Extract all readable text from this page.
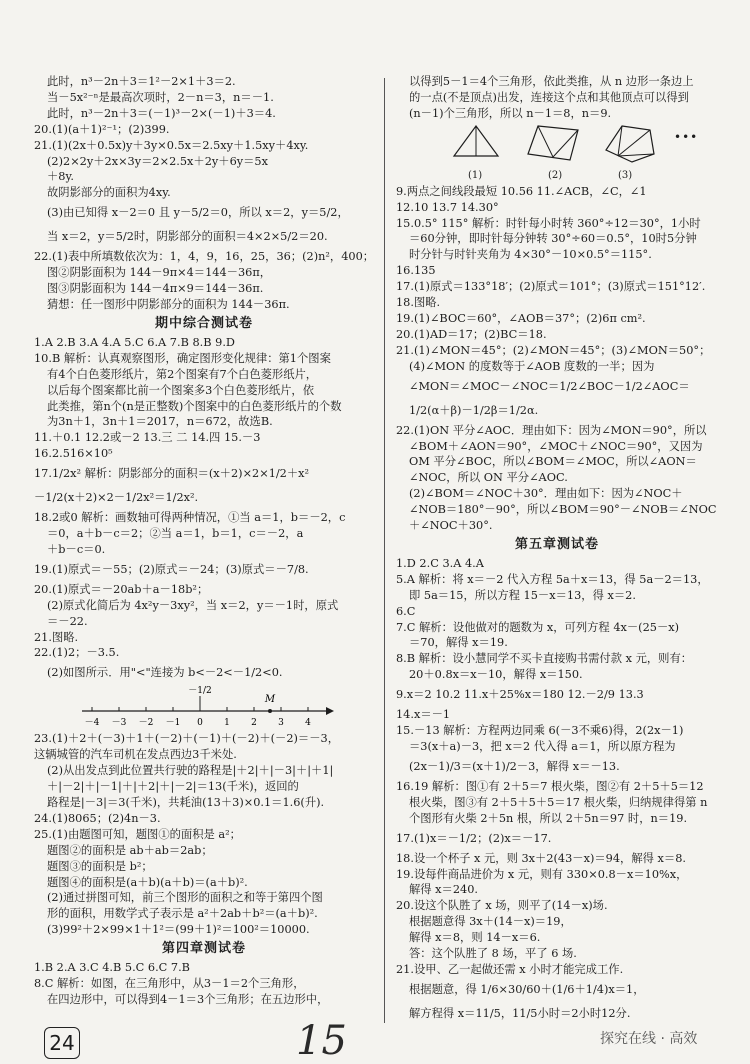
此时，n³－2n＋3＝1²－2×1＋3＝2.
当－5x²⁻ⁿ是最高次项时，2－n＝3，n＝－1.
此时，n³－2n＋3＝(－1)³－2×(－1)＋3＝4.
20.(1)(a＋1)²⁻¹；(2)399.
21.(1)(2x＋0.5x)y＋3y×0.5x＝2.5xy＋1.5xy＋4xy.
(2)2×2y＋2x×3y＝2×2.5x＋2y＋6y＝5x
＋8y.
故阴影部分的面积为4xy.
(3)由已知得 x－2＝0 且 y－5/2＝0，所以 x＝2，y＝5/2，
当 x＝2，y＝5/2时，阴影部分的面积＝4×2×5/2＝20.
22.(1)表中所填数依次为：1，4，9，16，25，36；(2)n²，400；
图②阴影面积为 144－9π×4＝144－36π，
图③阴影面积为 144－4π×9＝144－36π.
猜想：任一图形中阴影部分的面积为 144－36π.
期中综合测试卷
1.A 2.B 3.A 4.A 5.C 6.A 7.B 8.B 9.D
10.B 解析：认真观察图形，确定图形变化规律：第1个图案
有4个白色菱形纸片，第2个图案有7个白色菱形纸片，
以后每个图案都比前一个图案多3个白色菱形纸片，依
此类推，第n个(n是正整数)个图案中的白色菱形纸片的个数
为3n＋1，3n＋1＝2017，n＝672，故选B.
11.＋0.1 12.2或－2 13.三 二 14.四 15.－3
16.2.516×10⁵
17.1/2x² 解析：阴影部分的面积＝(x＋2)×2×1/2＋x²
－1/2(x＋2)×2－1/2x²＝1/2x².
18.2或0 解析：画数轴可得两种情况，①当 a＝1，b＝－2，c
＝0，a＋b－c＝2；②当 a＝1，b＝1，c＝－2，a
＋b－c＝0.
19.(1)原式＝－55；(2)原式＝－24；(3)原式＝－7/8.
20.(1)原式＝－20ab＋a－18b²；
(2)原式化简后为 4x²y－3xy²，当 x＝2，y＝－1时，原式
＝－22.
21.图略.
22.(1)2；－3.5.
(2)如图所示．用"<"连接为 b<－2<－1/2<0.
－4 －3 －2 －1 0 1 2 3 4
－1/2
M
23.(1)＋2＋(－3)＋1＋(－2)＋(－1)＋(－2)＋(－2)＝－3，
这辆城管的汽车司机在发点西边3千米处.
(2)从出发点到此位置共行驶的路程是|＋2|＋|－3|＋|＋1|
＋|－2|＋|－1|＋|＋2|＋|－2|＝13(千米)，返回的
路程是|－3|＝3(千米)，共耗油(13＋3)×0.1＝1.6(升).
24.(1)8065；(2)4n－3.
25.(1)由题图可知，题图①的面积是 a²；
题图②的面积是 ab＋ab＝2ab；
题图③的面积是 b²；
题图④的面积是(a＋b)(a＋b)＝(a＋b)².
(2)通过拼图可知，前三个图形的面积之和等于第四个图
形的面积，用数学式子表示是 a²＋2ab＋b²＝(a＋b)².
(3)99²＋2×99×1＋1²＝(99＋1)²＝100²＝10000.
第四章测试卷
1.B 2.A 3.C 4.B 5.C 6.C 7.B
8.C 解析：如图，在三角形中，从3－1＝2个三角形，
在四边形中，可以得到4－1＝3个三角形；在五边形中，
以得到5－1＝4个三角形，依此类推，从 n 边形一条边上
的一点(不是顶点)出发，连接这个点和其他顶点可以得到
(n－1)个三角形，所以 n－1＝8，n＝9.
(1)	(2)	(3)
•••
9.两点之间线段最短 10.56 11.∠ACB，∠C，∠1
12.10 13.7 14.30°
15.0.5° 115° 解析：时针每小时转 360°÷12＝30°，1小时
＝60分钟，即时针每分钟转 30°÷60＝0.5°，10时5分钟
时分针与时针夹角为 4×30°－10×0.5°＝115°.
16.135
17.(1)原式＝133°18′；(2)原式＝101°；(3)原式＝151°12′.
18.图略.
19.(1)∠BOC＝60°，∠AOB＝37°；(2)6π cm².
20.(1)AD＝17；(2)BC＝18.
21.(1)∠MON＝45°；(2)∠MON＝45°；(3)∠MON＝50°；
(4)∠MON 的度数等于∠AOB 度数的一半；因为
∠MON＝∠MOC－∠NOC＝1/2∠BOC－1/2∠AOC＝
1/2(α＋β)－1/2β＝1/2α.
22.(1)ON 平分∠AOC．理由如下：因为∠MON＝90°，所以
∠BOM＋∠AON＝90°，∠MOC＋∠NOC＝90°，又因为
OM 平分∠BOC，所以∠BOM＝∠MOC，所以∠AON＝
∠NOC，所以 ON 平分∠AOC.
(2)∠BOM＝∠NOC＋30°．理由如下：因为∠NOC＋
∠NOB＝180°－90°，所以∠BOM＝90°－∠NOB＝∠NOC
＋∠NOC＋30°.
第五章测试卷
1.D 2.C 3.A 4.A
5.A 解析：将 x＝－2 代入方程 5a＋x＝13，得 5a－2＝13，
即 5a＝15，所以方程 15－x＝13，得 x＝2.
6.C
7.C 解析：设他做对的题数为 x，可列方程 4x－(25－x)
＝70，解得 x＝19.
8.B 解析：设小慧同学不买卡直接购书需付款 x 元，则有：
20＋0.8x＝x－10，解得 x＝150.
9.x＝2 10.2 11.x＋25%x＝180 12.－2/9 13.3
14.x＝－1
15.－13 解析：方程两边同乘 6(－3不乘6)得，2(2x－1)
＝3(x＋a)－3，把 x＝2 代入得 a＝1，所以原方程为
(2x－1)/3＝(x＋1)/2－3，解得 x＝－13.
16.19 解析：图①有 2＋5＝7 根火柴，图②有 2＋5＋5＝12
根火柴，图③有 2＋5＋5＋5＝17 根火柴，归纳规律得第 n
个图形有火柴 2＋5n 根，所以 2＋5n＝97 时，n＝19.
17.(1)x＝－1/2；(2)x＝－17.
18.设一个杯子 x 元，则 3x＋2(43－x)＝94，解得 x＝8.
19.设每件商品进价为 x 元，则有 330×0.8－x＝10%x，
解得 x＝240.
20.设这个队胜了 x 场，则平了(14－x)场.
根据题意得 3x＋(14－x)＝19，
解得 x＝8，则 14－x＝6.
答：这个队胜了 8 场，平了 6 场.
21.设甲、乙一起做还需 x 小时才能完成工作.
根据题意，得 1/6×30/60＋(1/6＋1/4)x＝1，
解方程得 x＝11/5，11/5小时＝2小时12分.
24	15	探究在线 · 高效
